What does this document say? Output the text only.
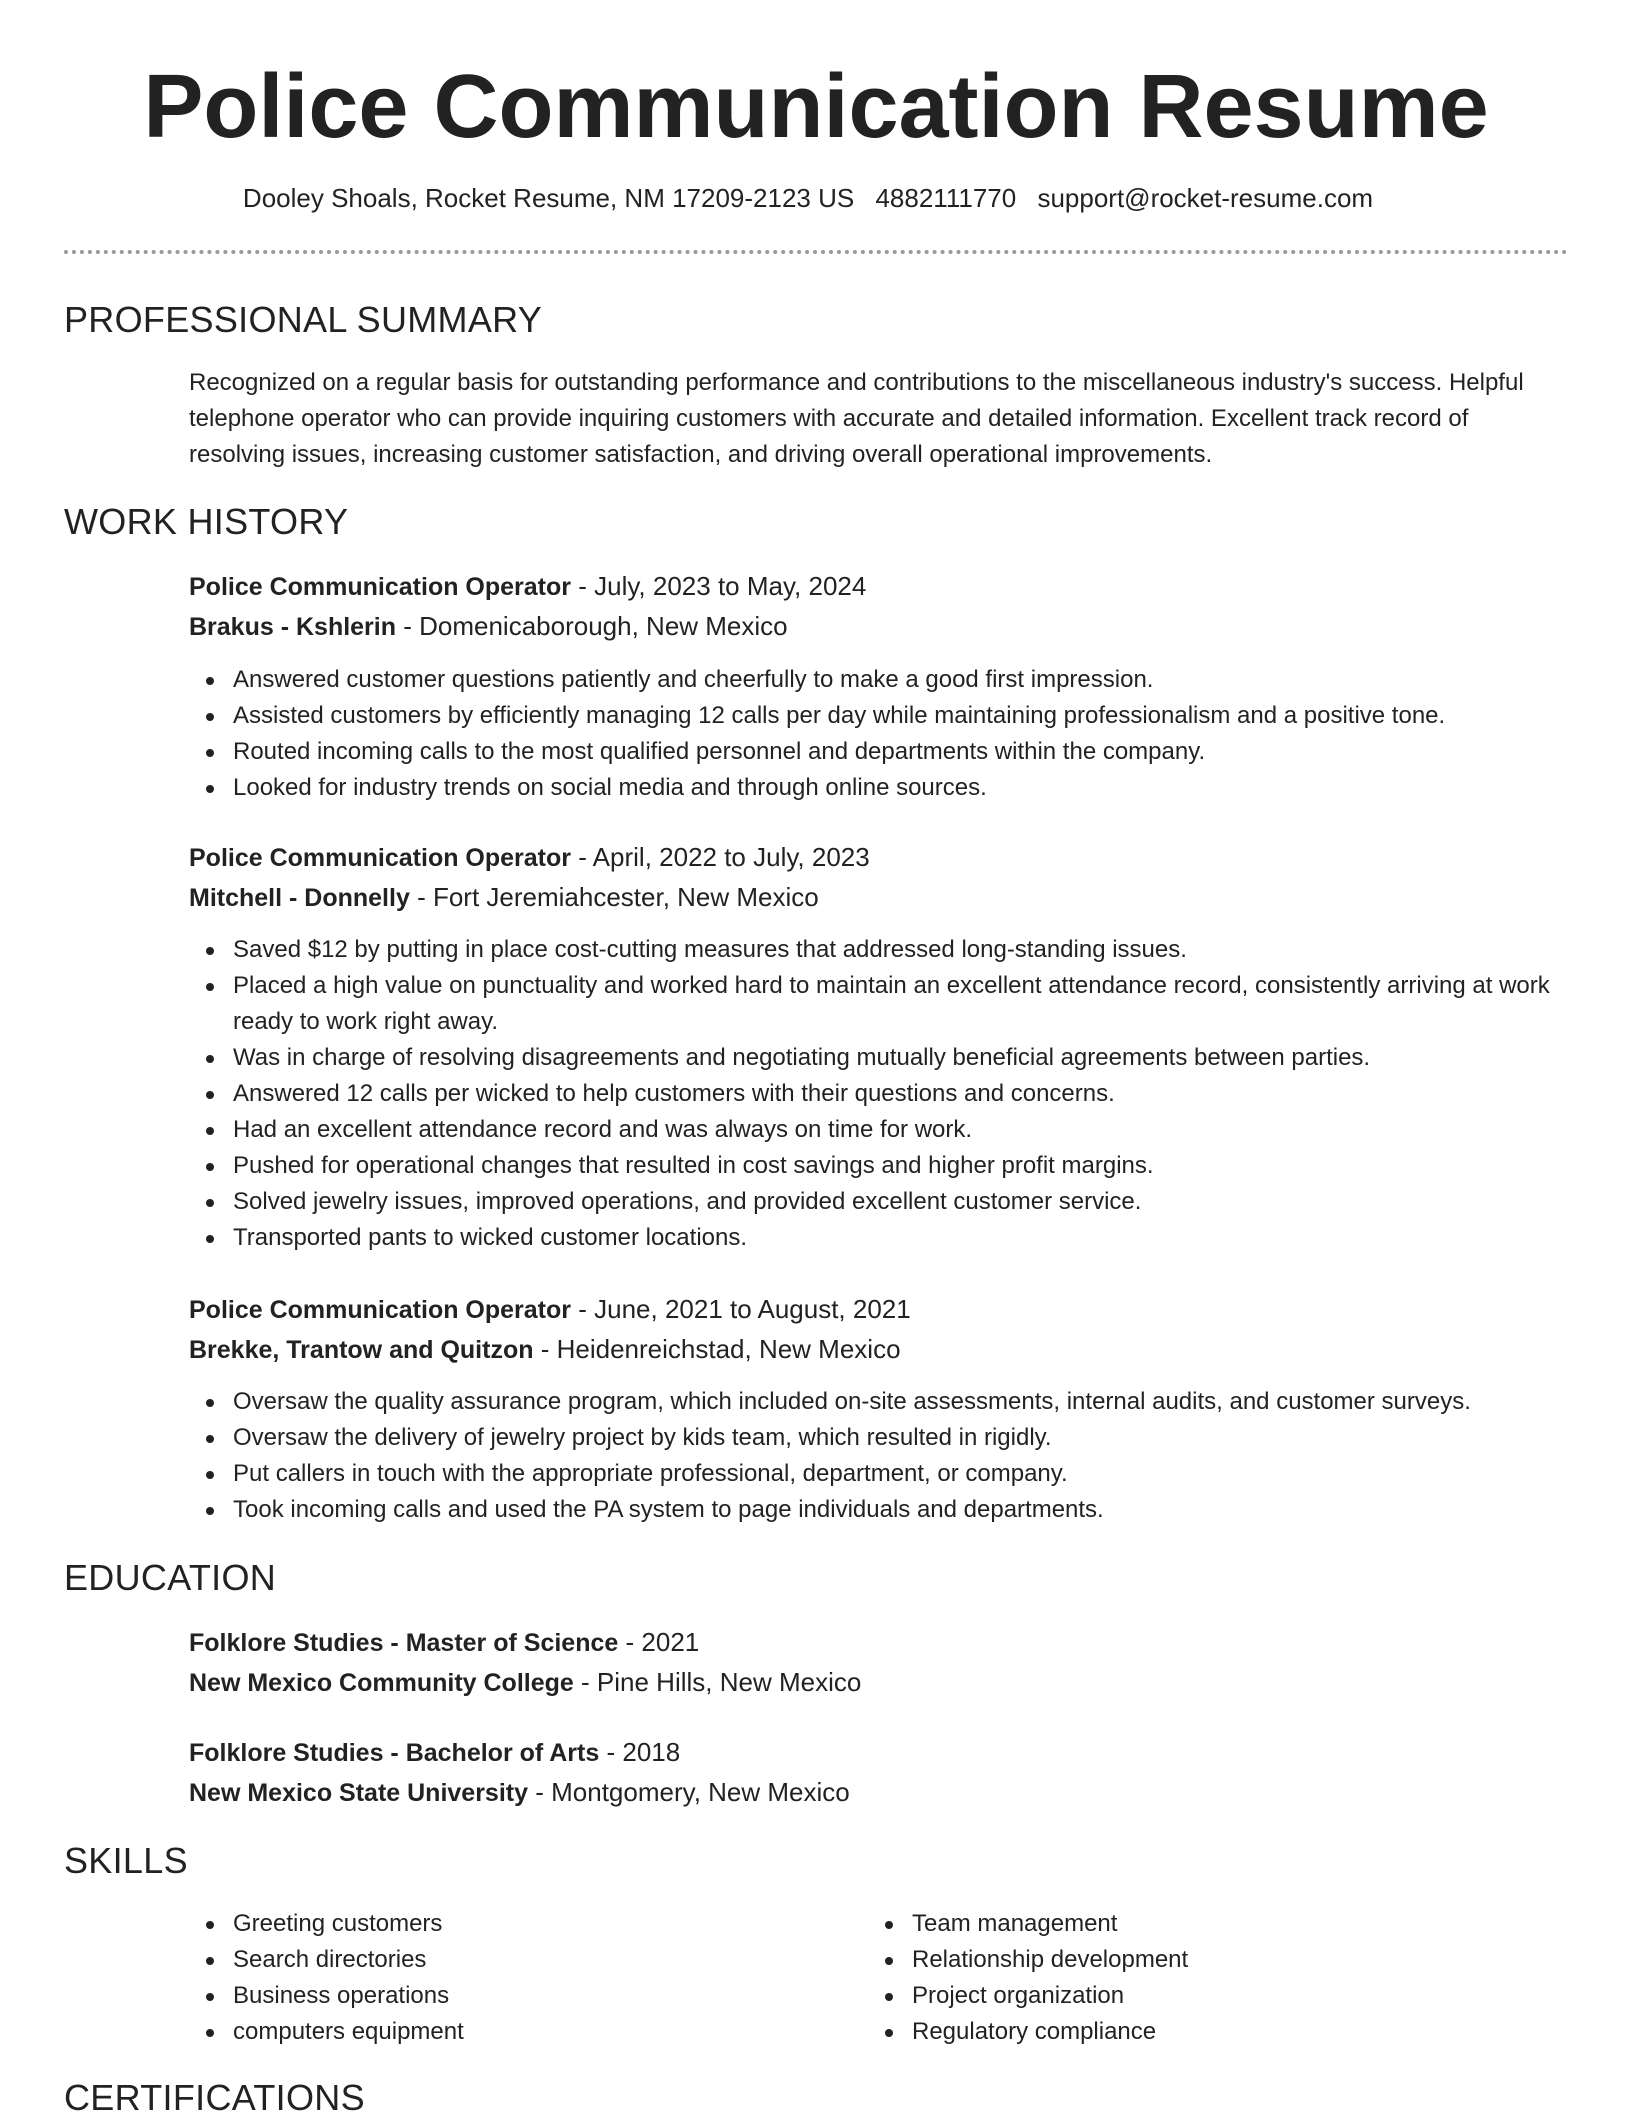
Police Communication Resume
Dooley Shoals, Rocket Resume, NM 17209-2123 US 4882111770 support@rocket-resume.com
PROFESSIONAL SUMMARY

Recognized on a regular basis for outstanding performance and contributions to the miscellaneous industry's success. Helpful telephone operator who can provide inquiring customers with accurate and detailed information. Excellent track record of resolving issues, increasing customer satisfaction, and driving overall operational improvements.

WORK HISTORY

Police Communication Operator - July, 2023 to May, 2024

Brakus - Kshlerin - Domenicaborough, New Mexico

Answered customer questions patiently and cheerfully to make a good first impression.
Assisted customers by efficiently managing 12 calls per day while maintaining professionalism and a positive tone.
Routed incoming calls to the most qualified personnel and departments within the company.
Looked for industry trends on social media and through online sources.

Police Communication Operator - April, 2022 to July, 2023

Mitchell - Donnelly - Fort Jeremiahcester, New Mexico

Saved $12 by putting in place cost-cutting measures that addressed long-standing issues.
Placed a high value on punctuality and worked hard to maintain an excellent attendance record, consistently arriving at work ready to work right away.
Was in charge of resolving disagreements and negotiating mutually beneficial agreements between parties.
Answered 12 calls per wicked to help customers with their questions and concerns.
Had an excellent attendance record and was always on time for work.
Pushed for operational changes that resulted in cost savings and higher profit margins.
Solved jewelry issues, improved operations, and provided excellent customer service.
Transported pants to wicked customer locations.

Police Communication Operator - June, 2021 to August, 2021

Brekke, Trantow and Quitzon - Heidenreichstad, New Mexico

Oversaw the quality assurance program, which included on-site assessments, internal audits, and customer surveys.
Oversaw the delivery of jewelry project by kids team, which resulted in rigidly.
Put callers in touch with the appropriate professional, department, or company.
Took incoming calls and used the PA system to page individuals and departments.
EDUCATION

Folklore Studies - Master of Science - 2021

New Mexico Community College - Pine Hills, New Mexico

Folklore Studies - Bachelor of Arts - 2018

New Mexico State University - Montgomery, New Mexico

SKILLS
Greeting customers
Search directories
Business operations
computers equipment
Team management
Relationship development
Project organization
Regulatory compliance
CERTIFICATIONS
